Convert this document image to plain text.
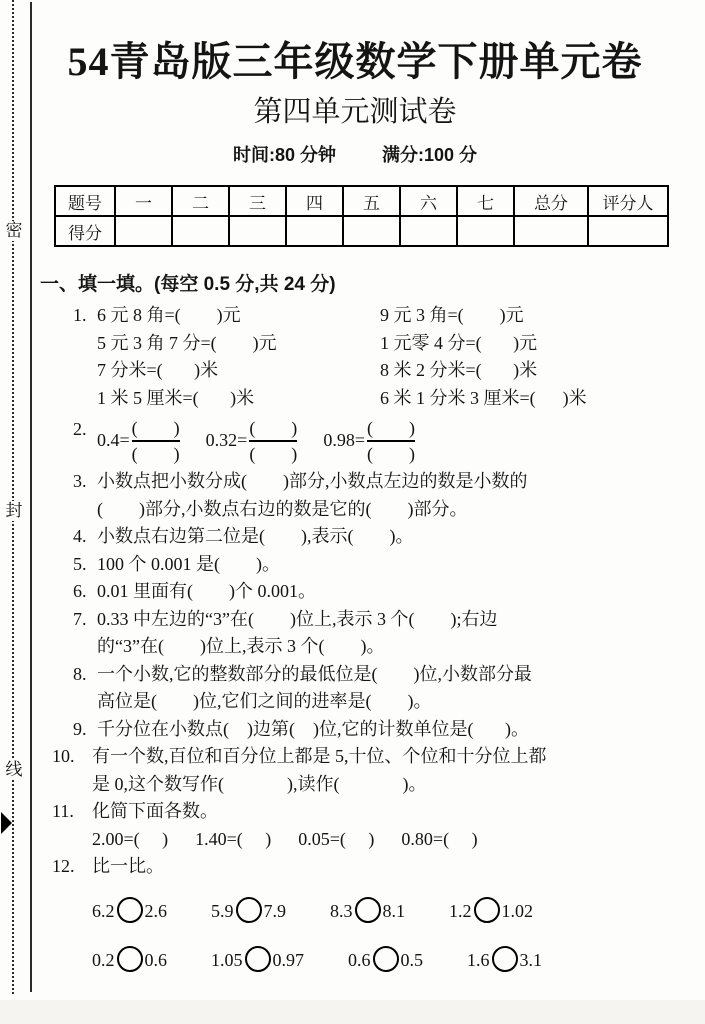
密
封
线
54青岛版三年级数学下册单元卷
第四单元测试卷
时间:80 分钟	满分:100 分
题号	一	二	三	四	五	六	七	总分	评分人
得分									
一、填一填。(每空 0.5 分,共 24 分)
1. 6 元 8 角=(        )元	9 元 3 角=(        )元
5 元 3 角 7 分=(        )元	1 元零 4 分=(       )元
7 分米=(       )米	8 米 2 分米=(       )米
1 米 5 厘米=(       )米	6 米 1 分米 3 厘米=(      )米
2.
$0.4= \frac{( )}{( )} 0.32= \frac{( )}{( )} 0.98= \frac{( )}{( )}$
3. 小数点把小数分成(        )部分,小数点左边的数是小数的
(        )部分,小数点右边的数是它的(        )部分。
4. 小数点右边第二位是(        ),表示(        )。
5. 100 个 0.001 是(        )。
6. 0.01 里面有(        )个 0.001。
7. 0.33 中左边的“3”在(        )位上,表示 3 个(        );右边
的“3”在(        )位上,表示 3 个(        )。
8. 一个小数,它的整数部分的最低位是(        )位,小数部分最
高位是(        )位,它们之间的进率是(        )。
9. 千分位在小数点(    )边第(    )位,它的计数单位是(       )。
10. 有一个数,百位和百分位上都是 5,十位、个位和十分位上都
是 0,这个数写作(              ),读作(              )。
11. 化简下面各数。
2.00=(     ) 1.40=(     ) 0.05=(     ) 0.80=(     )
12. 比一比。
6.2 2.6 5.9 7.9 8.3 8.1 1.2 1.02
0.2 0.6 1.05 0.97 0.6 0.5 1.6 3.1
